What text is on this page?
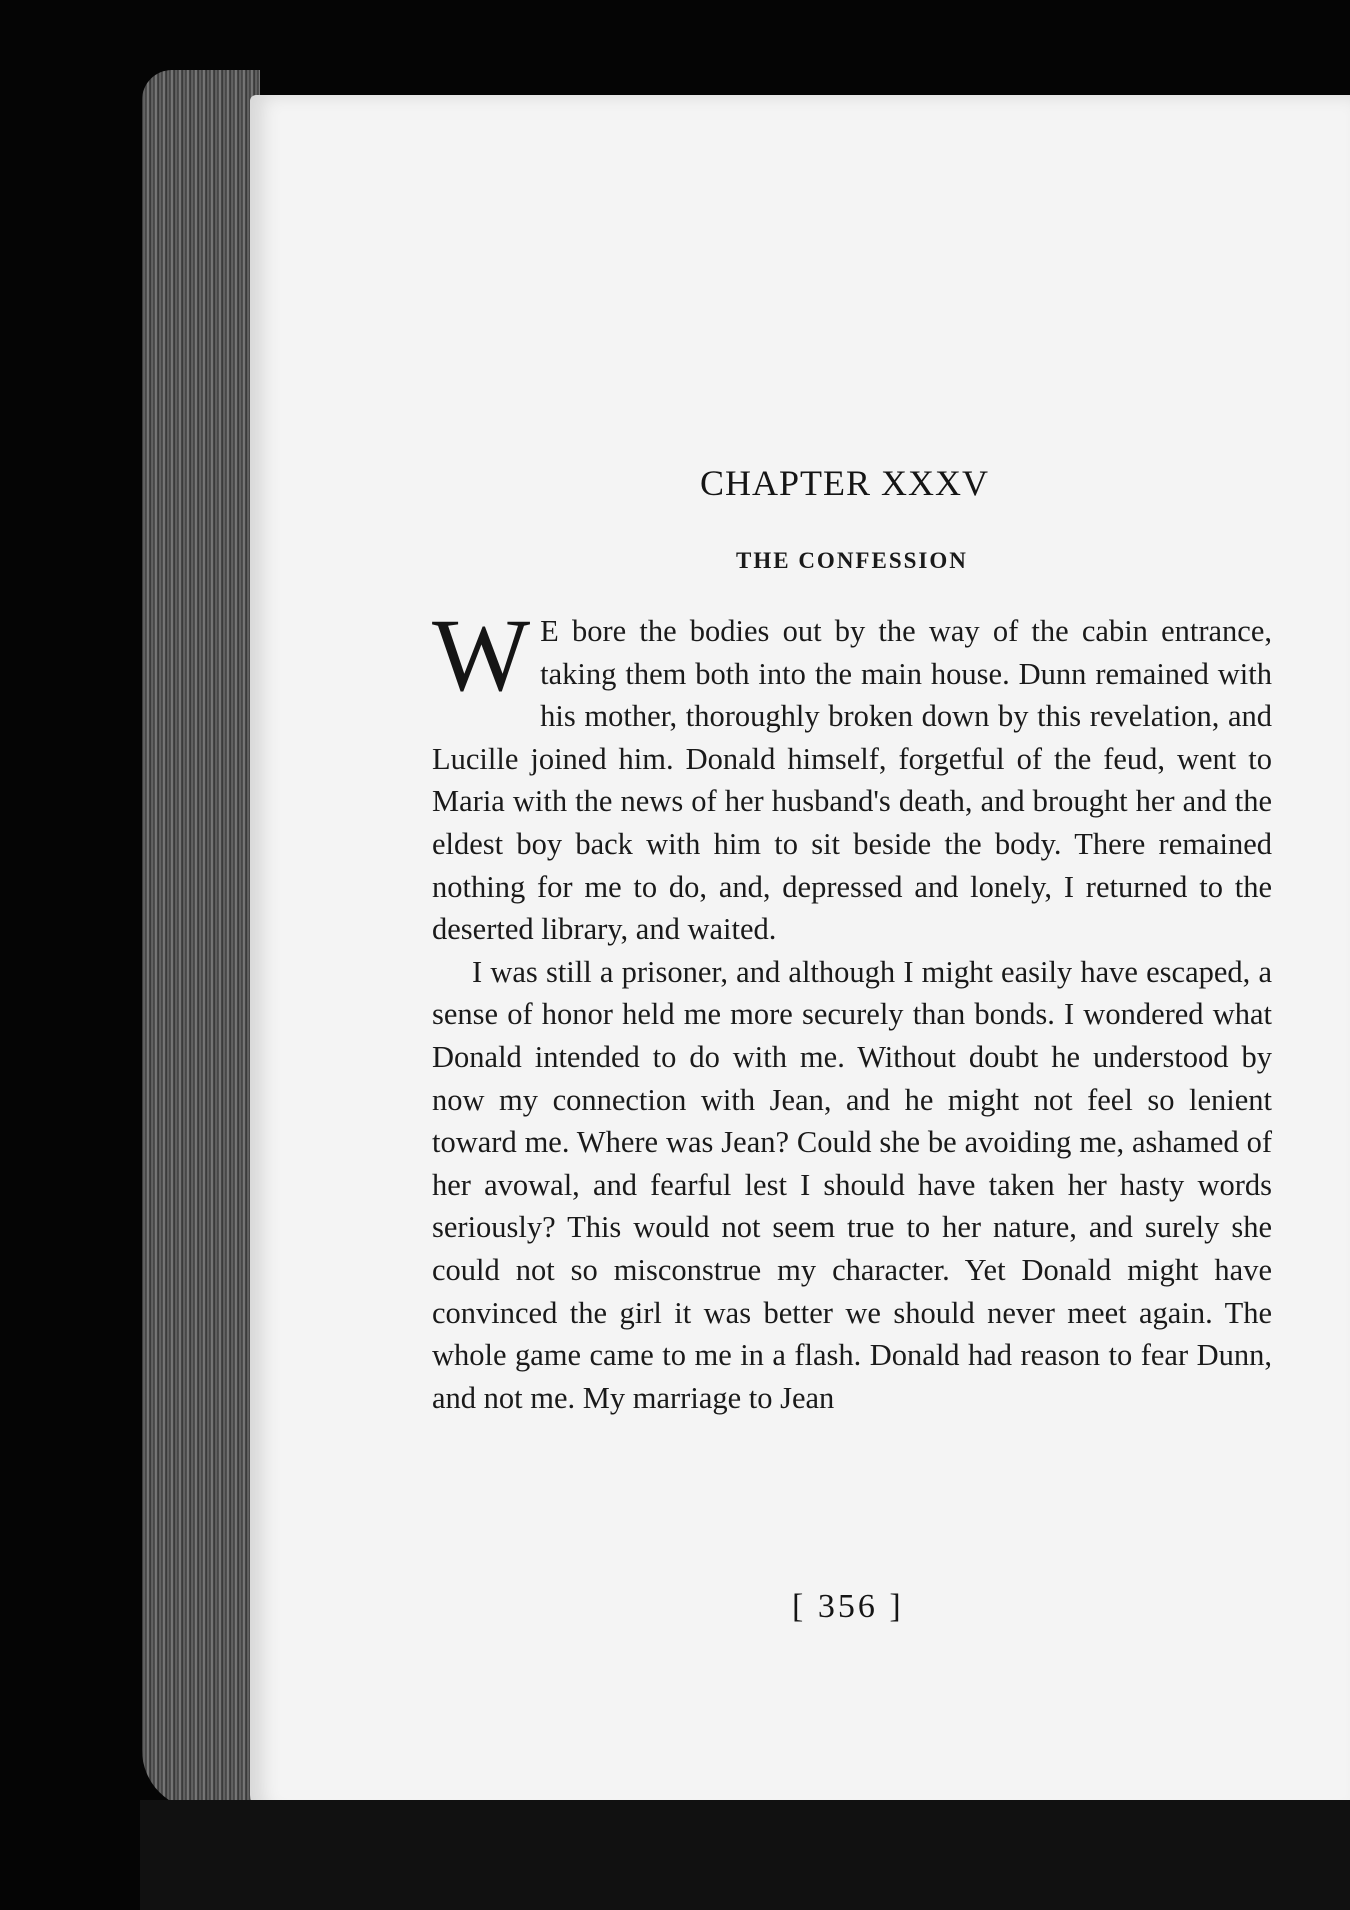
CHAPTER XXXV
THE CONFESSION

W E bore the bodies out by the way of the cabin entrance, taking them both into the main house. Dunn remained with his mother, thoroughly broken down by this revelation, and Lucille joined him. Donald himself, forgetful of the feud, went to Maria with the news of her husband's death, and brought her and the eldest boy back with him to sit beside the body. There remained nothing for me to do, and, depressed and lonely, I returned to the deserted library, and waited.

I was still a prisoner, and although I might easily have escaped, a sense of honor held me more securely than bonds. I wondered what Donald intended to do with me. Without doubt he understood by now my connection with Jean, and he might not feel so lenient toward me. Where was Jean? Could she be avoiding me, ashamed of her avowal, and fearful lest I should have taken her hasty words seriously? This would not seem true to her nature, and surely she could not so misconstrue my character. Yet Donald might have convinced the girl it was better we should never meet again. The whole game came to me in a flash. Donald had reason to fear Dunn, and not me. My marriage to Jean

[ 356 ]
